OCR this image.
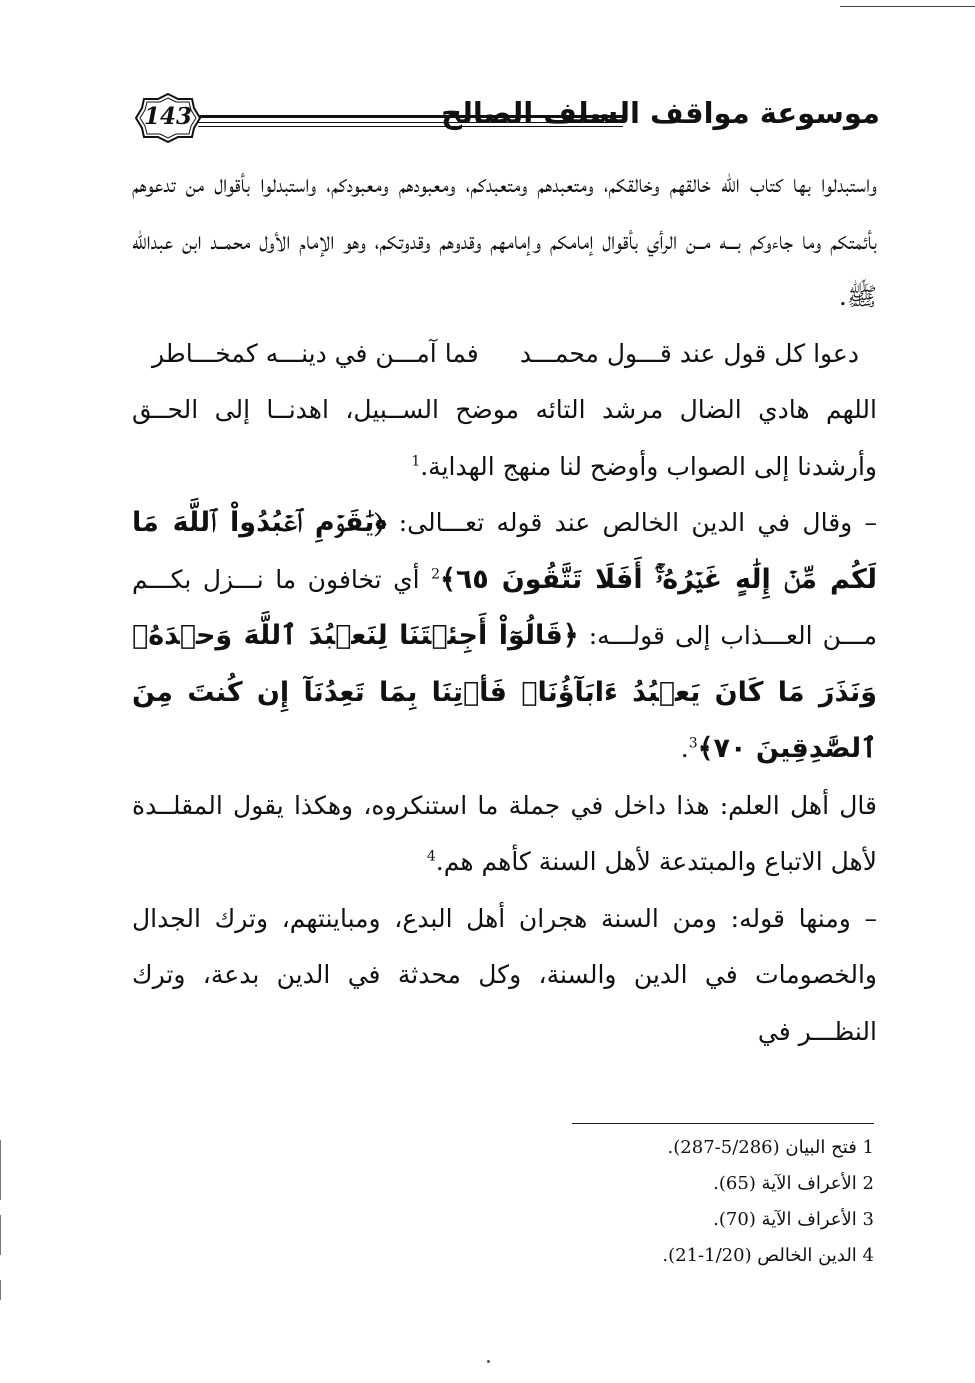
موسوعة مواقف السلف الصالح
143

واستبدلوا بها كتاب الله خالقهم وخالقكم، ومتعبدهم ومتعبدكم، ومعبودهم ومعبودكم، واستبدلوا بأقوال من تدعوهم بأئمتكم وما جاءوكم بـــه مــن الرأي بأقوال إمامكم وإمامهم وقدوهم وقدوتكم، وهو الإمام الأول محمــد ابن عبدالله ﷺ.

دعوا كل قول عند قـــول محمـــد
فما آمـــن في دينـــه كمخـــاطر

اللهم هادي الضال مرشد التائه موضح الســبيل، اهدنــا إلى الحــق وأرشدنا إلى الصواب وأوضح لنا منهج الهداية.$^1$

– وقال في الدين الخالص عند قوله تعـــالى: ﴿يَٰقَوۡمِ ٱعۡبُدُواْ ٱللَّهَ مَا لَكُم مِّنۡ إِلَٰهٍ غَيۡرُهُۥٓۚ أَفَلَا تَتَّقُونَ ٦٥﴾$^2$ أي تخافون ما نـــزل بكـــم مـــن العـــذاب إلى قولـــه: ﴿قَالُوٓاْ أَجِئۡتَنَا لِنَعۡبُدَ ٱللَّهَ وَحۡدَهُۥ وَنَذَرَ مَا كَانَ يَعۡبُدُ ءَابَآؤُنَاۖ فَأۡتِنَا بِمَا تَعِدُنَآ إِن كُنتَ مِنَ ٱلصَّٰدِقِينَ ٧٠﴾$^3$.

قال أهل العلم: هذا داخل في جملة ما استنكروه، وهكذا يقول المقلــدة لأهل الاتباع والمبتدعة لأهل السنة كأهم هم.$^4$

– ومنها قوله: ومن السنة هجران أهل البدع، ومباينتهم، وترك الجدال والخصومات في الدين والسنة، وكل محدثة في الدين بدعة، وترك النظـــر في

1 فتح البيان (5/286-287).
2 الأعراف الآية (65).
3 الأعراف الآية (70).
4 الدين الخالص (1/20-21).
